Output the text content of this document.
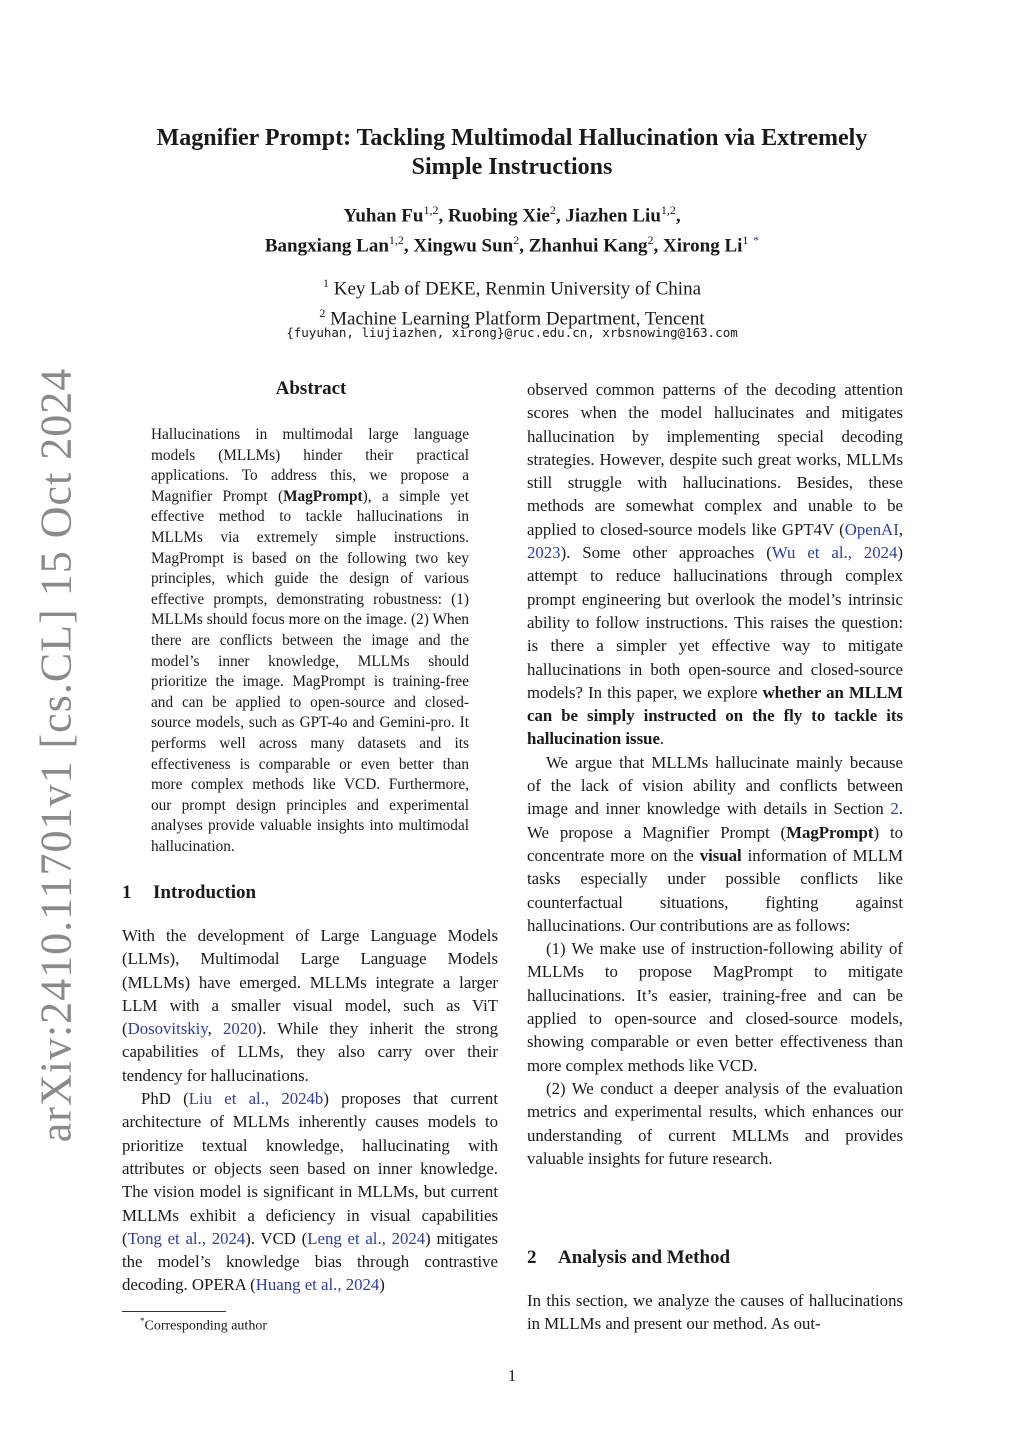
arXiv:2410.11701v1 [cs.CL] 15 Oct 2024
Magnifier Prompt: Tackling Multimodal Hallucination via Extremely Simple Instructions
Yuhan Fu$^{1,2}$, Ruobing Xie$^2$, Jiazhen Liu$^{1,2}$,
Bangxiang Lan$^{1,2}$, Xingwu Sun$^2$, Zhanhui Kang$^2$, Xirong Li$^1$ *
$^1$ Key Lab of DEKE, Renmin University of China
$^2$ Machine Learning Platform Department, Tencent
{fuyuhan, liujiazhen, xirong}@ruc.edu.cn, xrbsnowing@163.com
Abstract
Hallucinations in multimodal large language models (MLLMs) hinder their practical applications. To address this, we propose a Magnifier Prompt (MagPrompt), a simple yet effective method to tackle hallucinations in MLLMs via extremely simple instructions. MagPrompt is based on the following two key principles, which guide the design of various effective prompts, demonstrating robustness: (1) MLLMs should focus more on the image. (2) When there are conflicts between the image and the model’s inner knowledge, MLLMs should prioritize the image. MagPrompt is training-free and can be applied to open-source and closed-source models, such as GPT-4o and Gemini-pro. It performs well across many datasets and its effectiveness is comparable or even better than more complex methods like VCD. Furthermore, our prompt design principles and experimental analyses provide valuable insights into multimodal hallucination.
1 Introduction

With the development of Large Language Models (LLMs), Multimodal Large Language Models (MLLMs) have emerged. MLLMs integrate a larger LLM with a smaller visual model, such as ViT (Dosovitskiy, 2020). While they inherit the strong capabilities of LLMs, they also carry over their tendency for hallucinations.

PhD (Liu et al., 2024b) proposes that current architecture of MLLMs inherently causes models to prioritize textual knowledge, hallucinating with attributes or objects seen based on inner knowledge. The vision model is significant in MLLMs, but current MLLMs exhibit a deficiency in visual capabilities (Tong et al., 2024). VCD (Leng et al., 2024) mitigates the model’s knowledge bias through contrastive decoding. OPERA (Huang et al., 2024)

observed common patterns of the decoding attention scores when the model hallucinates and mitigates hallucination by implementing special decoding strategies. However, despite such great works, MLLMs still struggle with hallucinations. Besides, these methods are somewhat complex and unable to be applied to closed-source models like GPT4V (OpenAI, 2023). Some other approaches (Wu et al., 2024) attempt to reduce hallucinations through complex prompt engineering but overlook the model’s intrinsic ability to follow instructions. This raises the question: is there a simpler yet effective way to mitigate hallucinations in both open-source and closed-source models? In this paper, we explore whether an MLLM can be simply instructed on the fly to tackle its hallucination issue.

We argue that MLLMs hallucinate mainly because of the lack of vision ability and conflicts between image and inner knowledge with details in Section 2. We propose a Magnifier Prompt (MagPrompt) to concentrate more on the visual information of MLLM tasks especially under possible conflicts like counterfactual situations, fighting against hallucinations. Our contributions are as follows:

(1) We make use of instruction-following ability of MLLMs to propose MagPrompt to mitigate hallucinations. It’s easier, training-free and can be applied to open-source and closed-source models, showing comparable or even better effectiveness than more complex methods like VCD.

(2) We conduct a deeper analysis of the evaluation metrics and experimental results, which enhances our understanding of current MLLMs and provides valuable insights for future research.

2 Analysis and Method

In this section, we analyze the causes of hallucinations in MLLMs and present our method. As out-

*Corresponding author
1
